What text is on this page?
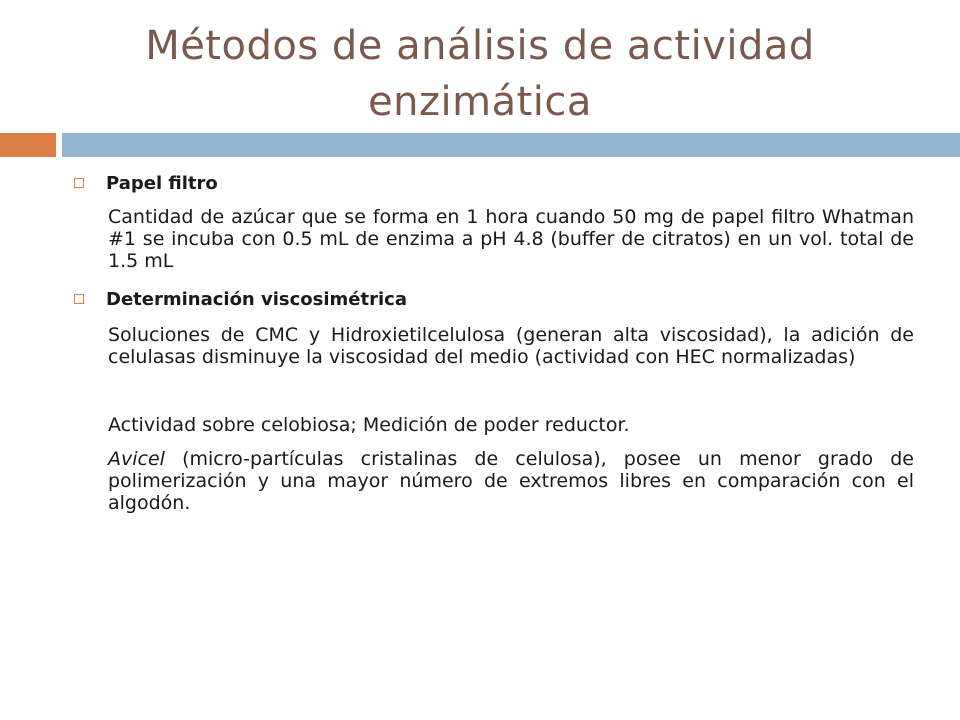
Métodos de análisis de actividad
enzimática
Papel filtro
Cantidad de azúcar que se forma en 1 hora cuando 50 mg de papel filtro Whatman #1 se incuba con 0.5 mL de enzima a pH 4.8 (buffer de citratos) en un vol. total de 1.5 mL
Determinación viscosimétrica
Soluciones de CMC y Hidroxietilcelulosa (generan alta viscosidad), la adición de celulasas disminuye la viscosidad del medio (actividad con HEC normalizadas)
Actividad sobre celobiosa; Medición de poder reductor.
Avicel (micro-partículas cristalinas de celulosa), posee un menor grado de polimerización y una mayor número de extremos libres en comparación con el algodón.
